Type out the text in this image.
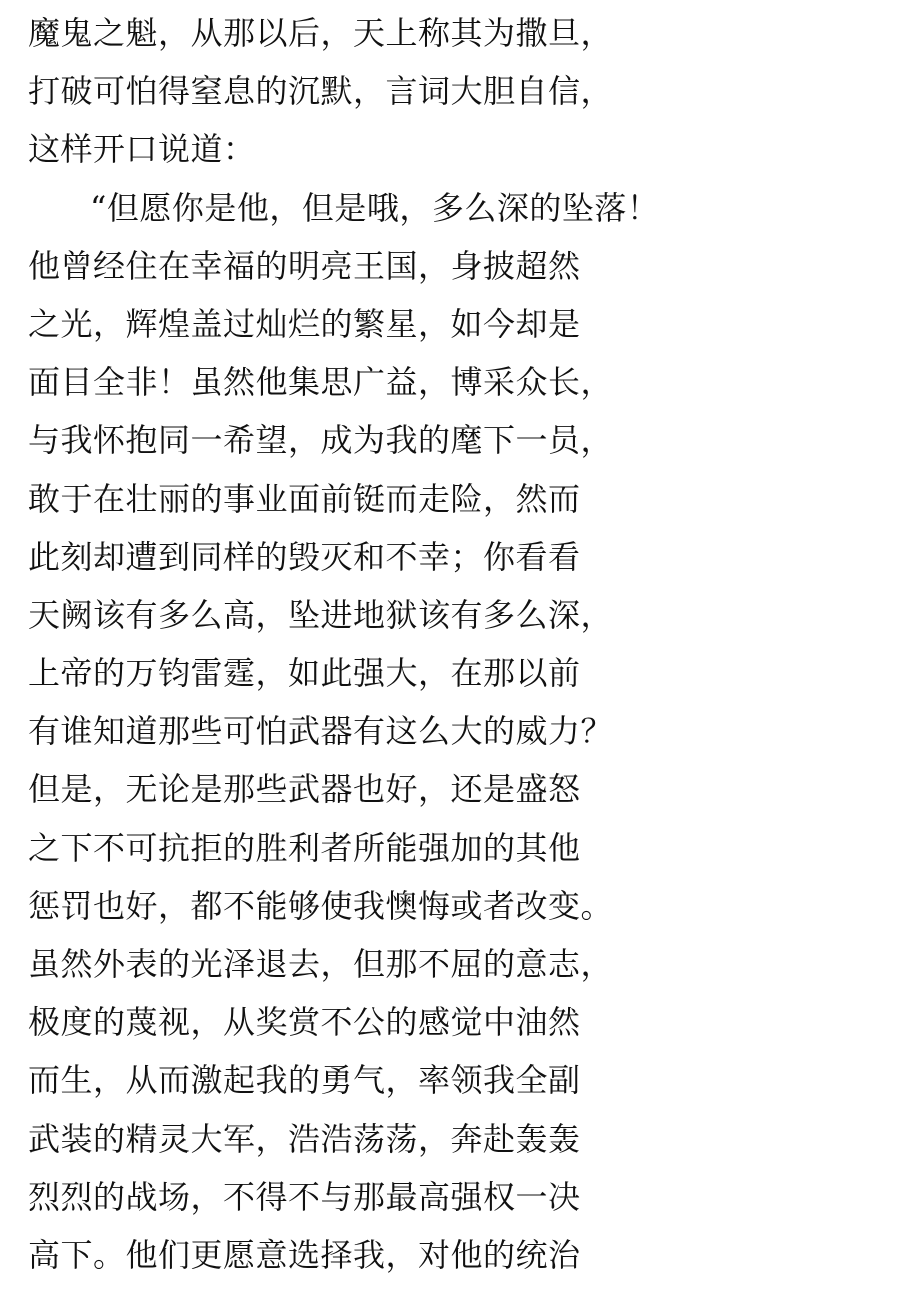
魔鬼之魁，从那以后，天上称其为撒旦，
打破可怕得窒息的沉默，言词大胆自信，
这样开口说道：
“但愿你是他，但是哦，多么深的坠落！
他曾经住在幸福的明亮王国，身披超然
之光，辉煌盖过灿烂的繁星，如今却是
面目全非！虽然他集思广益，博采众长，
与我怀抱同一希望，成为我的麾下一员，
敢于在壮丽的事业面前铤而走险，然而
此刻却遭到同样的毁灭和不幸；你看看
天阙该有多么高，坠进地狱该有多么深，
上帝的万钧雷霆，如此强大，在那以前
有谁知道那些可怕武器有这么大的威力？
但是，无论是那些武器也好，还是盛怒
之下不可抗拒的胜利者所能强加的其他
惩罚也好，都不能够使我懊悔或者改变。
虽然外表的光泽退去，但那不屈的意志，
极度的蔑视，从奖赏不公的感觉中油然
而生，从而激起我的勇气，率领我全副
武装的精灵大军，浩浩荡荡，奔赴轰轰
烈烈的战场，不得不与那最高强权一决
高下。他们更愿意选择我，对他的统治
